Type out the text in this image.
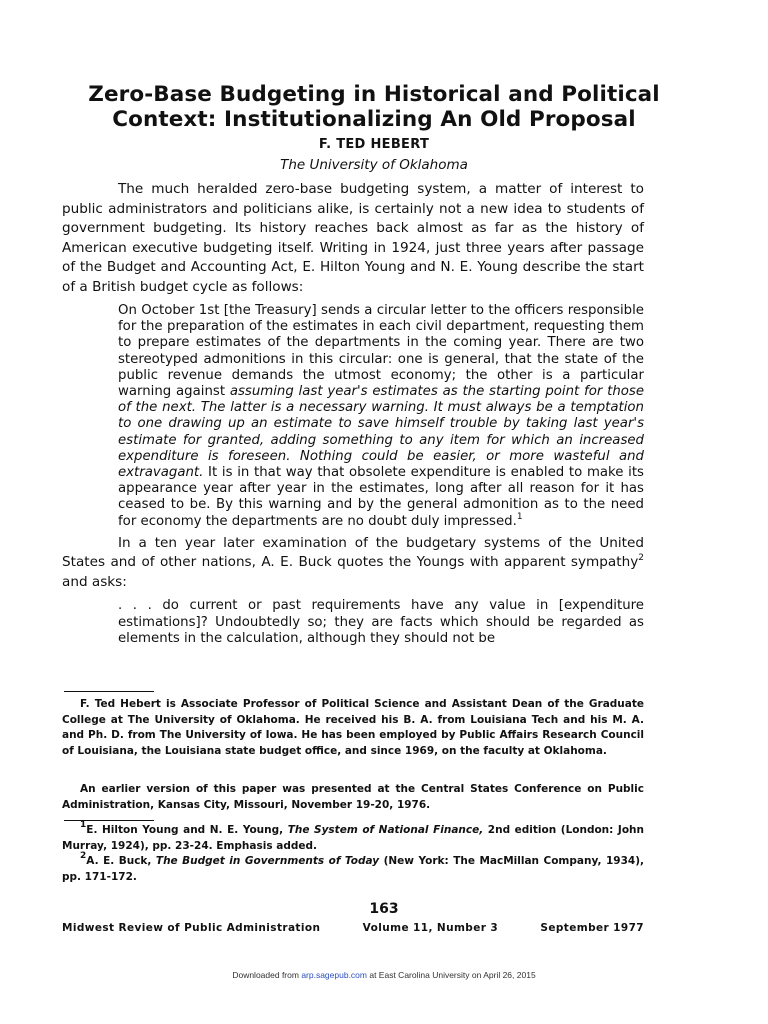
Zero-Base Budgeting in Historical and Political
Context: Institutionalizing An Old Proposal
F. TED HEBERT
The University of Oklahoma

The much heralded zero-base budgeting system, a matter of interest to public administrators and politicians alike, is certainly not a new idea to students of government budgeting. Its history reaches back almost as far as the history of American executive budgeting itself. Writing in 1924, just three years after passage of the Budget and Accounting Act, E. Hilton Young and N. E. Young describe the start of a British budget cycle as follows:

On October 1st [the Treasury] sends a circular letter to the officers responsible for the preparation of the estimates in each civil department, requesting them to prepare estimates of the departments in the coming year. There are two stereotyped admonitions in this circular: one is general, that the state of the public revenue demands the utmost economy; the other is a particular warning against assuming last year's estimates as the starting point for those of the next. The latter is a necessary warning. It must always be a temptation to one drawing up an estimate to save himself trouble by taking last year's estimate for granted, adding something to any item for which an increased expenditure is foreseen. Nothing could be easier, or more wasteful and extravagant. It is in that way that obsolete expenditure is enabled to make its appearance year after year in the estimates, long after all reason for it has ceased to be. By this warning and by the general admonition as to the need for economy the departments are no doubt duly impressed.$^1$

In a ten year later examination of the budgetary systems of the United States and of other nations, A. E. Buck quotes the Youngs with apparent sympathy$^2$ and asks:

. . . do current or past requirements have any value in [expenditure estimations]? Undoubtedly so; they are facts which should be regarded as elements in the calculation, although they should not be

F. Ted Hebert is Associate Professor of Political Science and Assistant Dean of the Graduate College at The University of Oklahoma. He received his B. A. from Louisiana Tech and his M. A. and Ph. D. from The University of Iowa. He has been employed by Public Affairs Research Council of Louisiana, the Louisiana state budget office, and since 1969, on the faculty at Oklahoma.

An earlier version of this paper was presented at the Central States Conference on Public Administration, Kansas City, Missouri, November 19-20, 1976.

$^1$E. Hilton Young and N. E. Young, The System of National Finance, 2nd edition (London: John Murray, 1924), pp. 23-24. Emphasis added.

$^2$A. E. Buck, The Budget in Governments of Today (New York: The MacMillan Company, 1934), pp. 171-172.

163
Midwest Review of Public Administration	Volume 11, Number 3	September 1977
Downloaded from arp.sagepub.com at East Carolina University on April 26, 2015
